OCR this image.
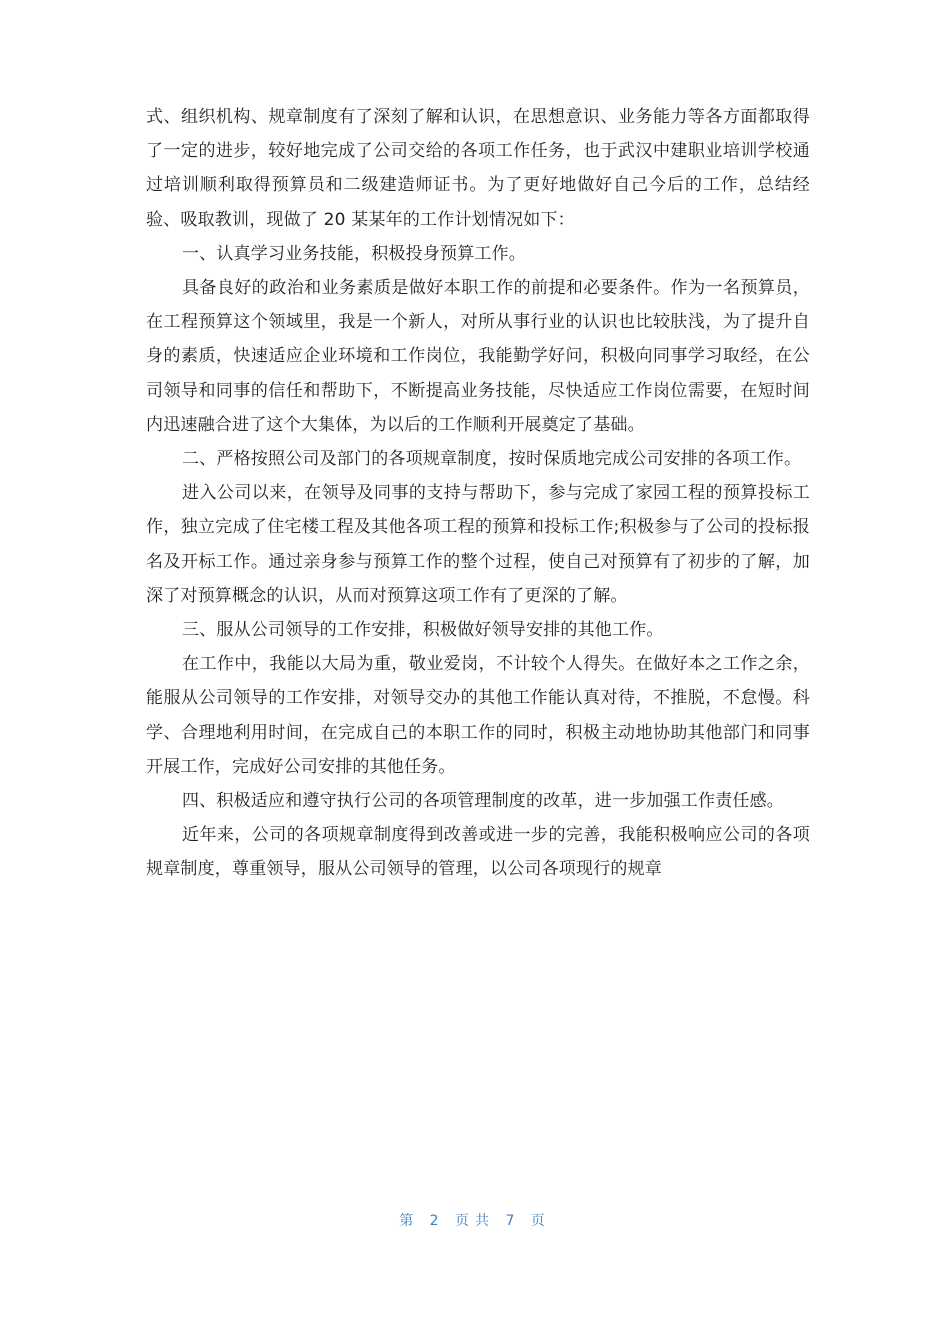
式、组织机构、规章制度有了深刻了解和认识，在思想意识、业务能力等各方面都取得了一定的进步，较好地完成了公司交给的各项工作任务，也于武汉中建职业培训学校通过培训顺利取得预算员和二级建造师证书。为了更好地做好自己今后的工作，总结经验、吸取教训，现做了 20 某某年的工作计划情况如下：

一、认真学习业务技能，积极投身预算工作。

具备良好的政治和业务素质是做好本职工作的前提和必要条件。作为一名预算员，在工程预算这个领域里，我是一个新人，对所从事行业的认识也比较肤浅，为了提升自身的素质，快速适应企业环境和工作岗位，我能勤学好问，积极向同事学习取经，在公司领导和同事的信任和帮助下，不断提高业务技能，尽快适应工作岗位需要，在短时间内迅速融合进了这个大集体，为以后的工作顺利开展奠定了基础。

二、严格按照公司及部门的各项规章制度，按时保质地完成公司安排的各项工作。

进入公司以来，在领导及同事的支持与帮助下，参与完成了家园工程的预算投标工作，独立完成了住宅楼工程及其他各项工程的预算和投标工作;积极参与了公司的投标报名及开标工作。通过亲身参与预算工作的整个过程，使自己对预算有了初步的了解，加深了对预算概念的认识，从而对预算这项工作有了更深的了解。

三、服从公司领导的工作安排，积极做好领导安排的其他工作。

在工作中，我能以大局为重，敬业爱岗，不计较个人得失。在做好本之工作之余，能服从公司领导的工作安排，对领导交办的其他工作能认真对待，不推脱，不怠慢。科学、合理地利用时间，在完成自己的本职工作的同时，积极主动地协助其他部门和同事开展工作，完成好公司安排的其他任务。

四、积极适应和遵守执行公司的各项管理制度的改革，进一步加强工作责任感。

近年来，公司的各项规章制度得到改善或进一步的完善，我能积极响应公司的各项规章制度，尊重领导，服从公司领导的管理，以公司各项现行的规章

第 2 页共 7 页
